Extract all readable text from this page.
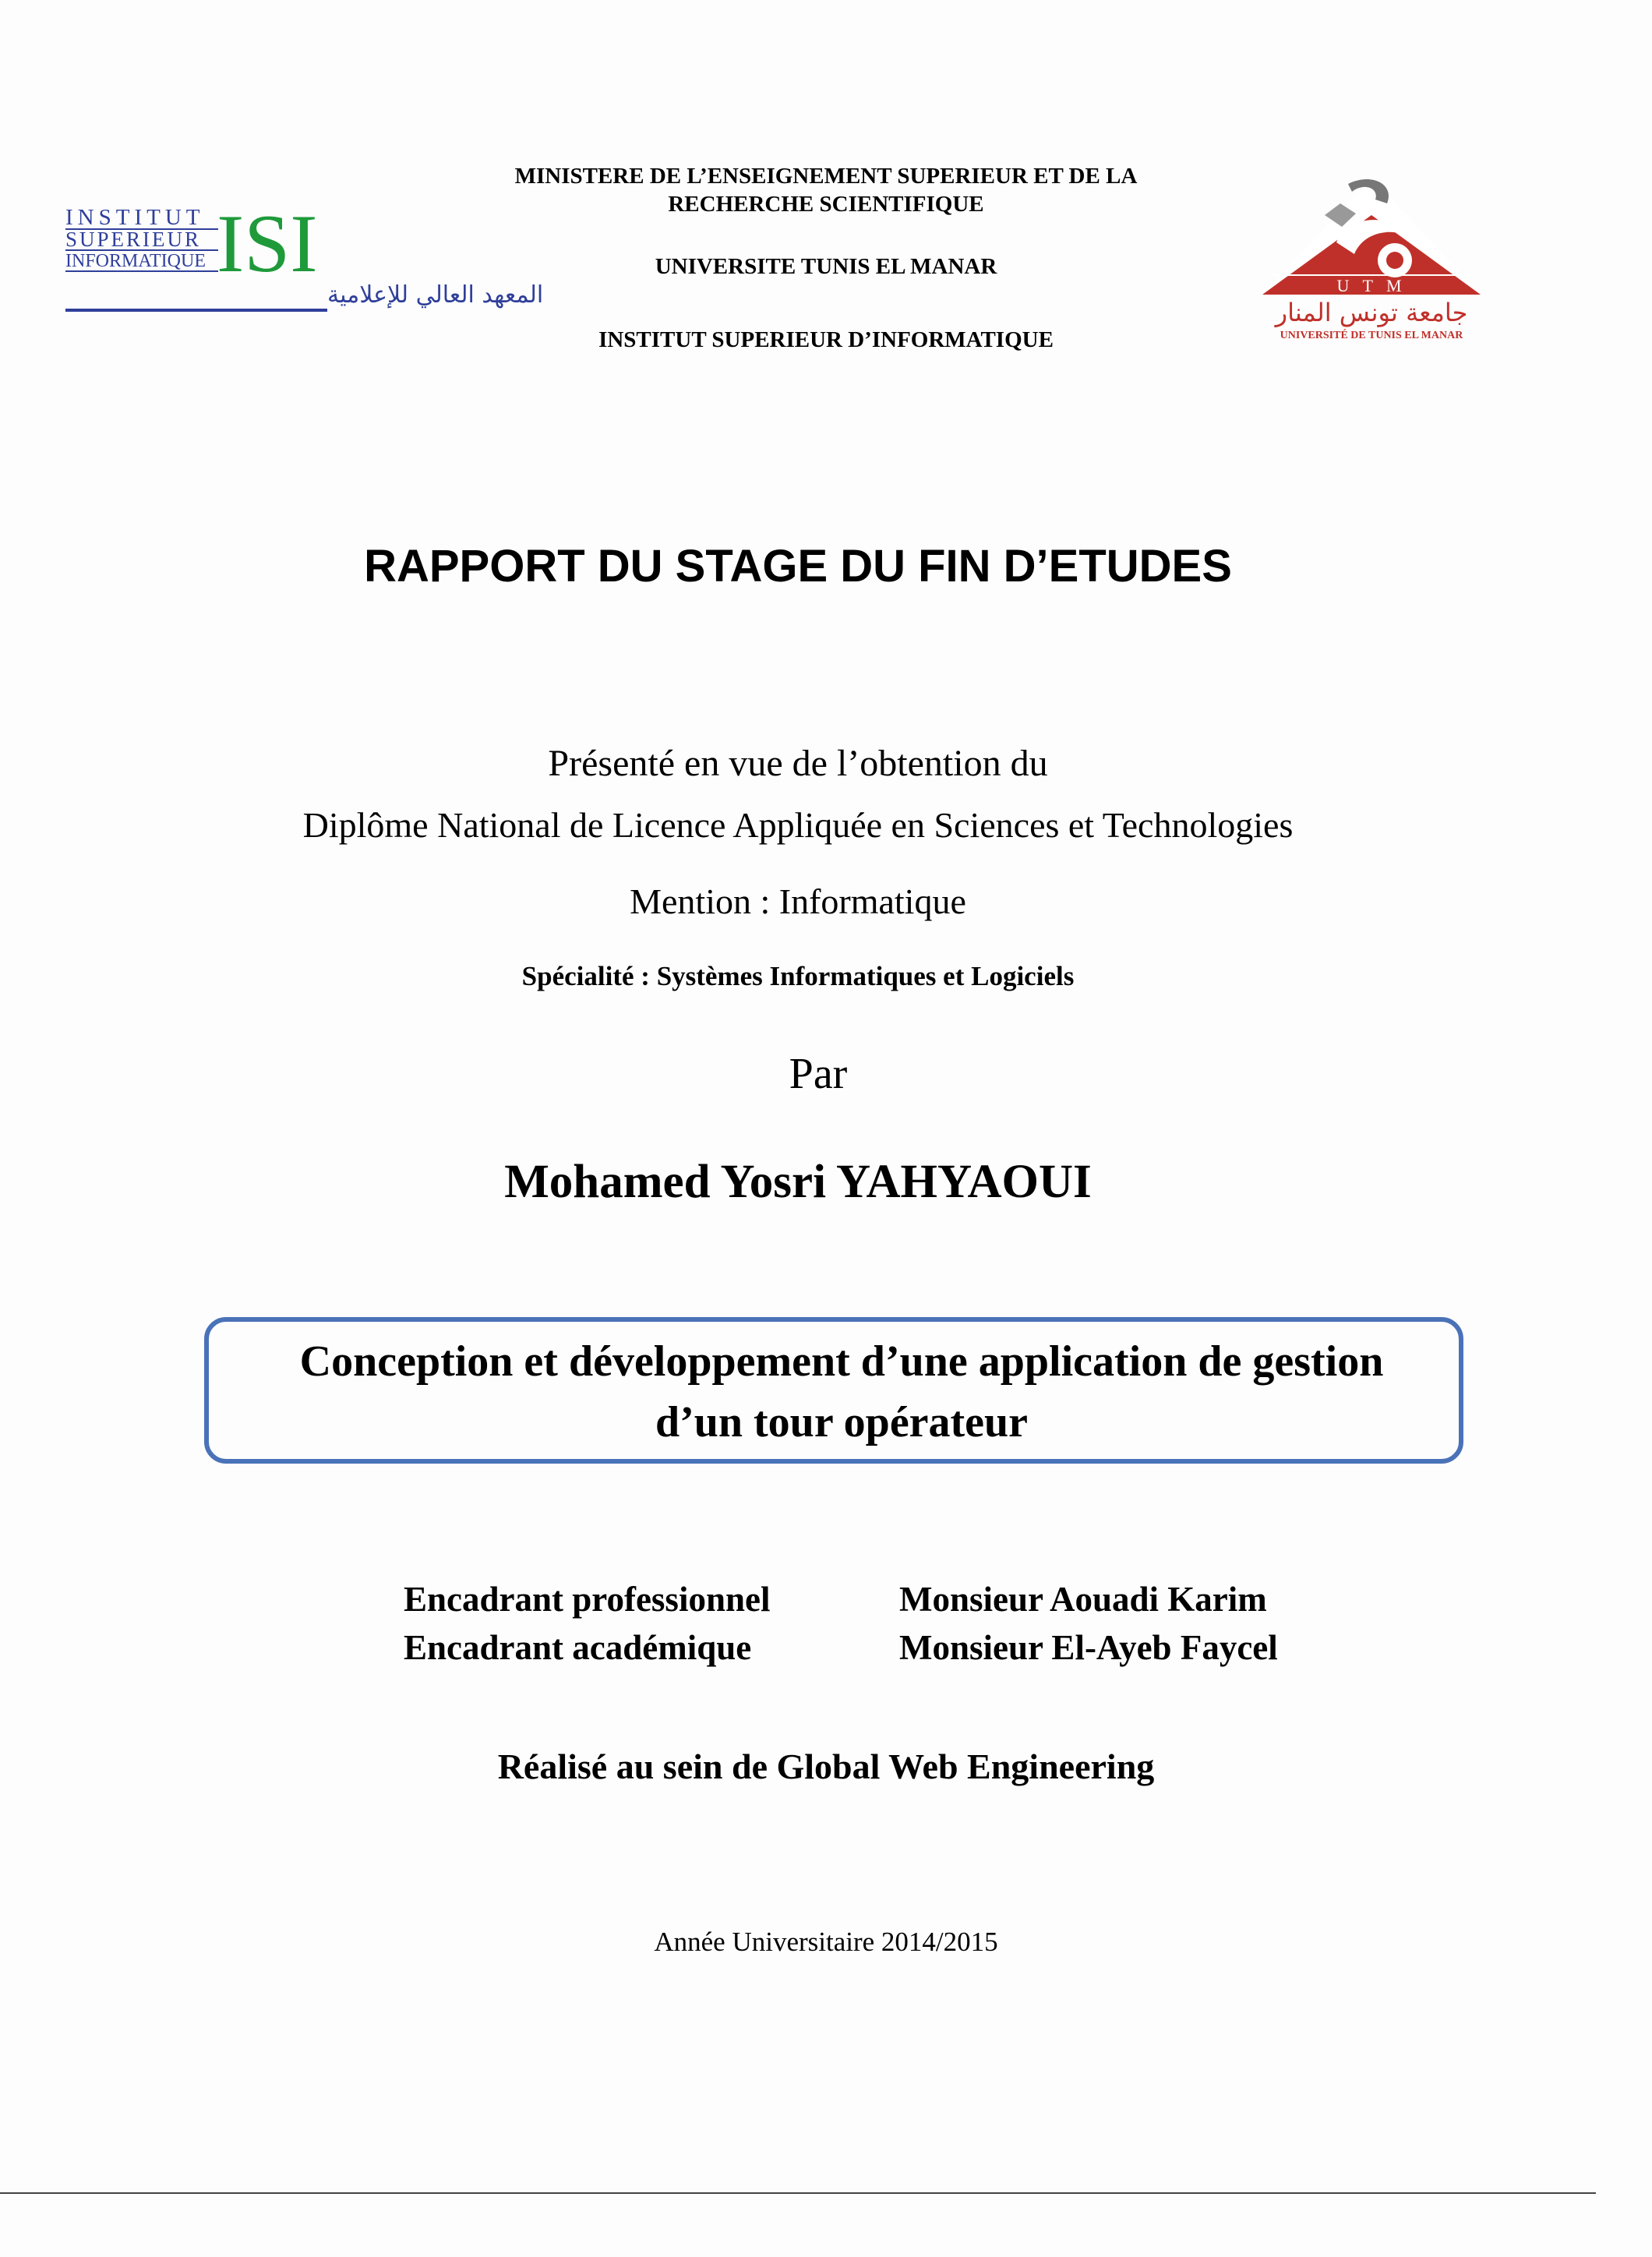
MINISTERE DE L’ENSEIGNEMENT SUPERIEUR ET DE LA
RECHERCHE SCIENTIFIQUE
UNIVERSITE TUNIS EL MANAR
INSTITUT SUPERIEUR D’INFORMATIQUE
INSTITUT
SUPERIEUR
INFORMATIQUE ISI
المعهد العالي للإعلامية	U T M
جامعة تونس المنار
UNIVERSITÉ DE TUNIS EL MANAR
RAPPORT DU STAGE DU FIN D’ETUDES
Présenté en vue de l’obtention du
Diplôme National de Licence Appliquée en Sciences et Technologies
Mention : Informatique
Spécialité : Systèmes Informatiques et Logiciels
Par
Mohamed Yosri YAHYAOUI
Conception et développement d’une application de gestion
d’un tour opérateur
Encadrant professionnel	Monsieur Aouadi Karim
Encadrant académique	Monsieur El-Ayeb Faycel
Réalisé au sein de Global Web Engineering
Année Universitaire 2014/2015
